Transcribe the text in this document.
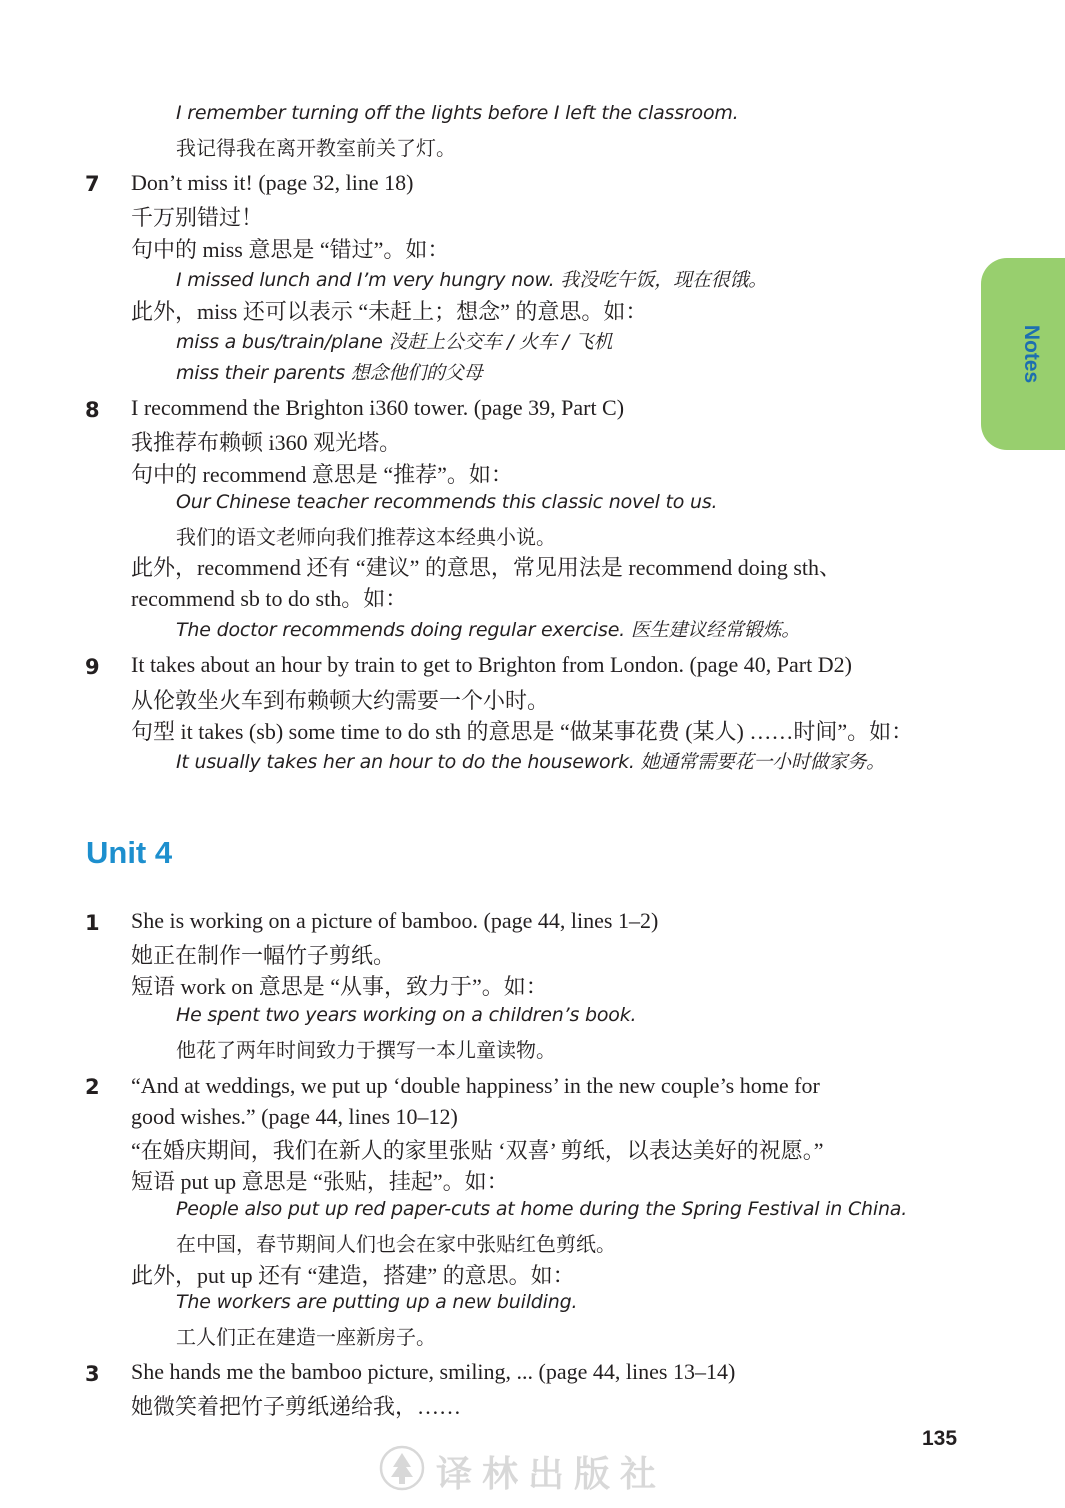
I remember turning off the lights before I left the classroom.
我记得我在离开教室前关了灯。
7 Don’t miss it! (page 32, line 18)
千万别错过！
句中的 miss 意思是 “错过”。如：
I missed lunch and I’m very hungry now. 我没吃午饭，现在很饿。
此外，miss 还可以表示 “未赶上；想念” 的意思。如：
miss a bus/train/plane 没赶上公交车 / 火车 / 飞机
miss their parents 想念他们的父母
8 I recommend the Brighton i360 tower. (page 39, Part C)
我推荐布赖顿 i360 观光塔。
句中的 recommend 意思是 “推荐”。如：
Our Chinese teacher recommends this classic novel to us.
我们的语文老师向我们推荐这本经典小说。
此外，recommend 还有 “建议” 的意思，常见用法是 recommend doing sth、
recommend sb to do sth。如：
The doctor recommends doing regular exercise. 医生建议经常锻炼。
9 It takes about an hour by train to get to Brighton from London. (page 40, Part D2)
从伦敦坐火车到布赖顿大约需要一个小时。
句型 it takes (sb) some time to do sth 的意思是 “做某事花费 (某人) ……时间”。如：
It usually takes her an hour to do the housework. 她通常需要花一小时做家务。
Unit 4
1 She is working on a picture of bamboo. (page 44, lines 1–2)
她正在制作一幅竹子剪纸。
短语 work on 意思是 “从事，致力于”。如：
He spent two years working on a children’s book.
他花了两年时间致力于撰写一本儿童读物。
2 “And at weddings, we put up ‘double happiness’ in the new couple’s home for
good wishes.” (page 44, lines 10–12)
“在婚庆期间，我们在新人的家里张贴 ‘双喜’ 剪纸，以表达美好的祝愿。”
短语 put up 意思是 “张贴，挂起”。如：
People also put up red paper-cuts at home during the Spring Festival in China.
在中国，春节期间人们也会在家中张贴红色剪纸。
此外，put up 还有 “建造，搭建” 的意思。如：
The workers are putting up a new building.
工人们正在建造一座新房子。
3 She hands me the bamboo picture, smiling, ... (page 44, lines 13–14)
她微笑着把竹子剪纸递给我，……
Notes
135
译林出版社
